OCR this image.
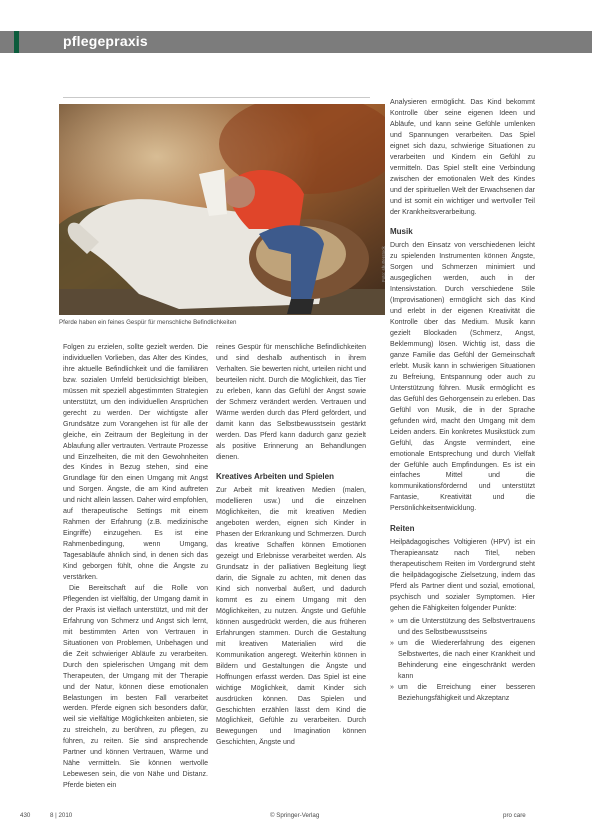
pflegepraxis
Foto: shutterstock
Pferde haben ein feines Gespür für menschliche Befindlichkeiten

Folgen zu erzielen, sollte gezielt werden. Die individuellen Vorlieben, das Alter des Kindes, ihre aktuelle Befindlichkeit und die familiären bzw. sozialen Umfeld berücksichtigt bleiben, müssen mit speziell abgestimmten Strategien unterstützt, um den individuellen Ansprüchen gerecht zu werden. Der wichtigste aller Grundsätze zum Vorangehen ist für alle der gleiche, ein Zeitraum der Begleitung in der Ablaufung aller vertrauten. Vertraute Prozesse und Einzelheiten, die mit den Gewohnheiten des Kindes in Bezug stehen, sind eine Grundlage für den einen Umgang mit Angst und Sorgen. Ängste, die am Kind auftreten und nicht allein lassen. Daher wird empfohlen, auf therapeutische Settings mit einem Rahmen der Erfahrung (z.B. medizinische Eingriffe) einzugehen. Es ist eine Rahmenbedingung, wenn Umgang, Tagesabläufe ähnlich sind, in denen sich das Kind geborgen fühlt, ohne die Ängste zu verstärken.

Die Bereitschaft auf die Rolle von Pflegenden ist vielfältig, der Umgang damit in der Praxis ist vielfach unterstützt, und mit der Erfahrung von Schmerz und Angst sich lernt, mit bestimmten Arten von Vertrauen in Situationen von Problemen, Unbehagen und die Zeit schwieriger Abläufe zu verarbeiten. Durch den spielerischen Umgang mit dem Therapeuten, der Umgang mit der Therapie und der Natur, können diese emotionalen Belastungen im besten Fall verarbeitet werden. Pferde eignen sich besonders dafür, weil sie vielfältige Möglichkeiten anbieten, sie zu streicheln, zu berühren, zu pflegen, zu führen, zu reiten. Sie sind ansprechende Partner und können Vertrauen, Wärme und Nähe vermitteln. Sie können wertvolle Lebewesen sein, die von Nähe und Distanz. Pferde bieten ein

reines Gespür für menschliche Befindlichkeiten und sind deshalb authentisch in ihrem Verhalten. Sie bewerten nicht, urteilen nicht und beurteilen nicht. Durch die Möglichkeit, das Tier zu erleben, kann das Gefühl der Angst sowie der Schmerz verändert werden. Vertrauen und Wärme werden durch das Pferd gefördert, und damit kann das Selbstbewusstsein gestärkt werden. Das Pferd kann dadurch ganz gezielt als positive Erinnerung an Behandlungen dienen.

Kreatives Arbeiten und Spielen

Zur Arbeit mit kreativen Medien (malen, modellieren usw.) und die einzelnen Möglichkeiten, die mit kreativen Medien angeboten werden, eignen sich Kinder in Phasen der Erkrankung und Schmerzen. Durch das kreative Schaffen können Emotionen gezeigt und Erlebnisse verarbeitet werden. Als Grundsatz in der palliativen Begleitung liegt darin, die Signale zu achten, mit denen das Kind sich nonverbal äußert, und dadurch kommt es zu einem Umgang mit den Möglichkeiten, zu nutzen. Ängste und Gefühle können ausgedrückt werden, die aus früheren Erfahrungen stammen. Durch die Gestaltung mit kreativen Materialien wird die Kommunikation angeregt. Weiterhin können in Bildern und Gestaltungen die Ängste und Hoffnungen erfasst werden. Das Spiel ist eine wichtige Möglichkeit, damit Kinder sich ausdrücken können. Das Spielen und Geschichten erzählen lässt dem Kind die Möglichkeit, Gefühle zu verarbeiten. Durch Bewegungen und Imagination können Geschichten, Ängste und

Analysieren ermöglicht. Das Kind bekommt Kontrolle über seine eigenen Ideen und Abläufe, und kann seine Gefühle umlenken und Spannungen verarbeiten. Das Spiel eignet sich dazu, schwierige Situationen zu verarbeiten und Kindern ein Gefühl zu vermitteln. Das Spiel stellt eine Verbindung zwischen der emotionalen Welt des Kindes und der spirituellen Welt der Erwachsenen dar und ist somit ein wichtiger und wertvoller Teil der Krankheitsverarbeitung.

Musik

Durch den Einsatz von verschiedenen leicht zu spielenden Instrumenten können Ängste, Sorgen und Schmerzen minimiert und ausgeglichen werden, auch in der Intensivstation. Durch verschiedene Stile (Improvisationen) ermöglicht sich das Kind und erlebt in der eigenen Kreativität die Kontrolle über das Medium. Musik kann gezielt Blockaden (Schmerz, Angst, Beklemmung) lösen. Wichtig ist, dass die ganze Familie das Gefühl der Gemeinschaft erlebt. Musik kann in schwierigen Situationen zu Befreiung, Entspannung oder auch zu Unterstützung führen. Musik ermöglicht es das Gefühl des Gehorgensein zu erleben. Das Gefühl von Musik, die in der Sprache gefunden wird, macht den Umgang mit dem Leiden anders. Ein konkretes Musikstück zum Gefühl, das Ängste vermindert, eine emotionale Entsprechung und durch Vielfalt der Gefühle auch Empfindungen. Es ist ein einfaches Mittel und die kommunikationsfördernd und unterstützt Fantasie, Kreativität und die Persönlichkeitsentwicklung.

Reiten

Heilpädagogisches Voltigieren (HPV) ist ein Therapieansatz nach Titel, neben therapeutischem Reiten im Vordergrund steht die heilpädagogische Zielsetzung, indem das Pferd als Partner dient und sozial, emotional, psychisch und sozialer Symptomen. Hier gehen die Fähigkeiten folgender Punkte:

» um die Unterstützung des Selbstvertrauens und des Selbstbewusstseins
» um die Wiedererfahrung des eigenen Selbstwertes, die nach einer Krankheit und Behinderung eine eingeschränkt werden kann
» um die Erreichung einer besseren Beziehungsfähigkeit und Akzeptanz
430	8 | 2010	© Springer-Verlag	pro care
